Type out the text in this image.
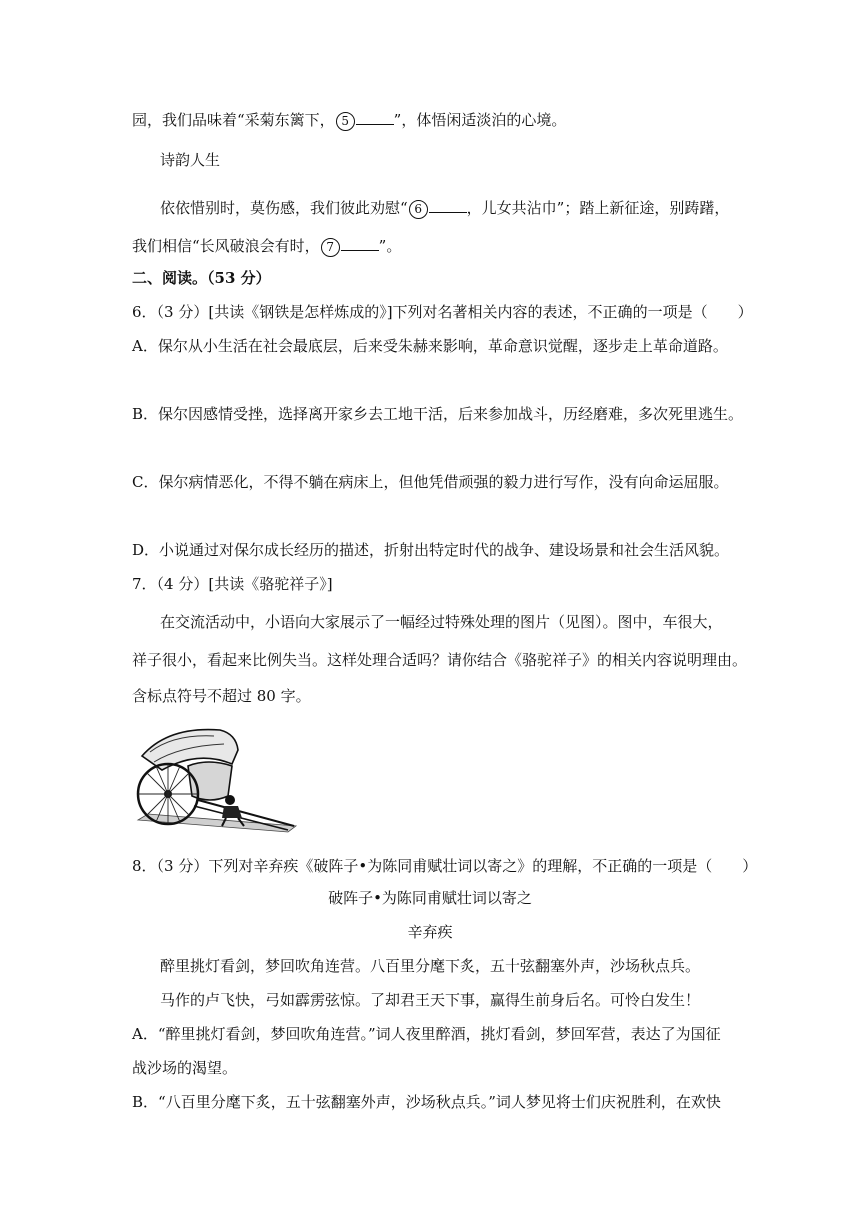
园，我们品味着“采菊东篱下， 5	”，体悟闲适淡泊的心境。
诗韵人生
依依惜别时，莫伤感，我们彼此劝慰“ 6	，儿女共沾巾”；踏上新征途，别踌躇，
我们相信“长风破浪会有时， 7	”。
二、阅读。（53 分）
6．（3 分）[共读《钢铁是怎样炼成的》]下列对名著相关内容的表述，不正确的一项是（　　）
A．保尔从小生活在社会最底层，后来受朱赫来影响，革命意识觉醒，逐步走上革命道路。
B．保尔因感情受挫，选择离开家乡去工地干活，后来参加战斗，历经磨难，多次死里逃生。
C．保尔病情恶化，不得不躺在病床上，但他凭借顽强的毅力进行写作，没有向命运屈服。
D．小说通过对保尔成长经历的描述，折射出特定时代的战争、建设场景和社会生活风貌。
7．（4 分）[共读《骆驼祥子》]
在交流活动中，小语向大家展示了一幅经过特殊处理的图片（见图）。图中，车很大，
祥子很小，看起来比例失当。这样处理合适吗？请你结合《骆驼祥子》的相关内容说明理由。
含标点符号不超过 80 字。
8．（3 分）下列对辛弃疾《破阵子•为陈同甫赋壮词以寄之》的理解，不正确的一项是（　　）
破阵子•为陈同甫赋壮词以寄之
辛弃疾
醉里挑灯看剑，梦回吹角连营。八百里分麾下炙，五十弦翻塞外声，沙场秋点兵。
马作的卢飞快，弓如霹雳弦惊。了却君王天下事，赢得生前身后名。可怜白发生！
A．“醉里挑灯看剑，梦回吹角连营。”词人夜里醉酒，挑灯看剑，梦回军营，表达了为国征
战沙场的渴望。
B．“八百里分麾下炙，五十弦翻塞外声，沙场秋点兵。”词人梦见将士们庆祝胜利，在欢快
